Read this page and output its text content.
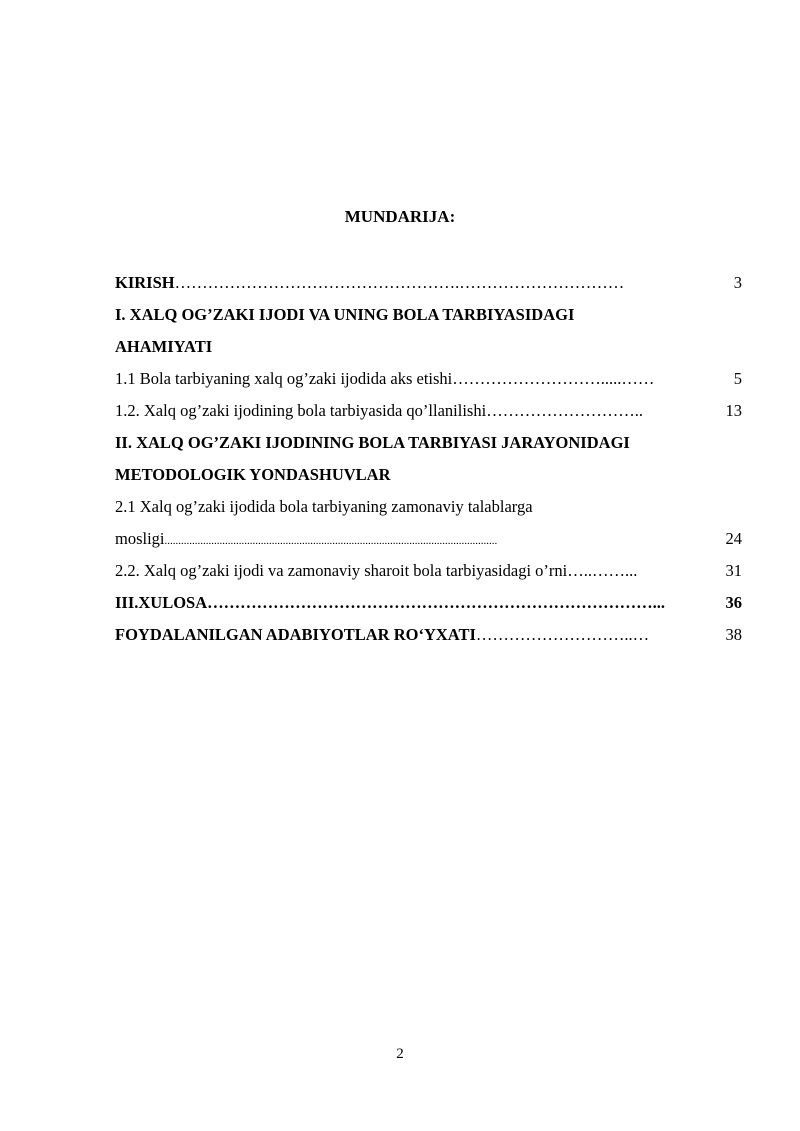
MUNDARIJA:
KIRISH…………………………………………….…………………………	3
I. XALQ OG’ZAKI IJODI VA UNING BOLA TARBIYASIDAGI
AHAMIYATI
1.1 Bola tarbiyaning xalq og’zaki ijodida aks etishi……………………….....……	5
1.2. Xalq og’zaki ijodining bola tarbiyasida qo’llanilishi………………………..	13
II. XALQ OG’ZAKI IJODINING BOLA TARBIYASI JARAYONIDAGI
METODOLOGIK YONDASHUVLAR
2.1 Xalq og’zaki ijodida bola tarbiyaning zamonaviy talablarga
mosligi.........................................................................................................................	24
2.2. Xalq og’zaki ijodi va zamonaviy sharoit bola tarbiyasidagi o’rni…..……...	31
III.XULOSA………………………………………………………………………...	36
FOYDALANILGAN ADABIYOTLAR RO‘YXATI………………………..…	38
2
